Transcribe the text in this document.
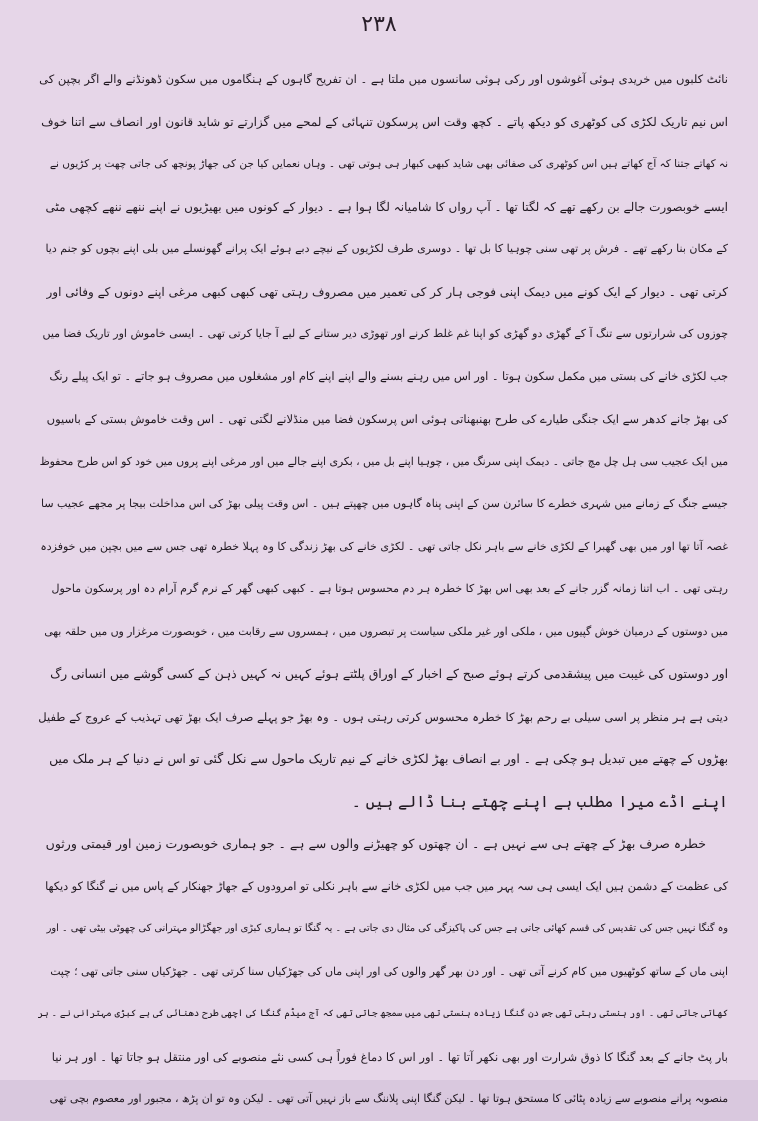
۲۳۸
نائٹ کلبوں میں خریدی ہوئی آغوشوں اور رکی ہوئی سانسوں میں ملتا ہے ۔ ان تفریح گاہوں کے ہنگاموں میں سکون ڈھونڈنے والے اگر بچپن کی
اس نیم تاریک لکڑی کی کوٹھری کو دیکھ پاتے ۔ کچھ وقت اس پرسکون تنہائی کے لمحے میں گزارتے تو شاید قانون اور انصاف سے اتنا خوف
نہ کھاتے جتنا کہ آج کھاتے ہیں اس کوٹھری کی صفائی بھی شاید کبھی کبھار ہی ہوتی تھی ۔ وہاں نعمایں کیا جن کی جھاڑ پونچھ کی جاتی چھت پر کڑیوں نے
ایسے خوبصورت جالے بن رکھے تھے کہ لگتا تھا ۔ آپ رواں کا شامیانہ لگا ہوا ہے ۔ دیوار کے کونوں میں بھیڑیوں نے اپنے ننھے ننھے کچھی مٹی
کے مکان بنا رکھے تھے ۔ فرش پر تھی سنی چوہیا کا بل تھا ۔ دوسری طرف لکڑیوں کے نیچے دبے ہوئے ایک پرانے گھونسلے میں بلی اپنے بچوں کو جنم دیا
کرتی تھی ۔ دیوار کے ایک کونے میں دیمک اپنی فوجی ہار کر کی تعمیر میں مصروف رہتی تھی کبھی کبھی مرغی اپنے دونوں کے وفائی اور
چوزوں کی شرارتوں سے تنگ آ کے گھڑی دو گھڑی کو اپنا غم غلط کرنے اور تھوڑی دیر ستانے کے لیے آ جایا کرتی تھی ۔ ایسی خاموش اور تاریک فضا میں
جب لکڑی خانے کی بستی میں مکمل سکون ہوتا ۔ اور اس میں رہنے بسنے والے اپنے اپنے کام اور مشغلوں میں مصروف ہو جاتے ۔ تو ایک پیلے رنگ
کی بھڑ جانے کدھر سے ایک جنگی طیارے کی طرح بھنبھناتی ہوئی اس پرسکون فضا میں منڈلانے لگتی تھی ۔ اس وقت خاموش بستی کے باسیوں
میں ایک عجیب سی ہل چل مچ جاتی ۔ دیمک اپنی سرنگ میں ، چوہیا اپنے بل میں ، بکری اپنے جالے میں اور مرغی اپنے پروں میں خود کو اس طرح محفوظ
جیسے جنگ کے زمانے میں شہری خطرے کا سائرن سن کے اپنی پناہ گاہوں میں چھپتے ہیں ۔ اس وقت پیلی بھڑ کی اس مداخلت بیجا پر مجھے عجیب سا
غصہ آتا تھا اور میں بھی گھبرا کے لکڑی خانے سے باہر نکل جاتی تھی ۔ لکڑی خانے کی بھڑ زندگی کا وہ پہلا خطرہ تھی جس سے میں بچپن میں خوفزدہ
رہتی تھی ۔ اب اتنا زمانہ گزر جانے کے بعد بھی اس بھڑ کا خطرہ ہر دم محسوس ہوتا ہے ۔ کبھی کبھی گھر کے نرم گرم آرام دہ اور پرسکون ماحول
میں دوستوں کے درمیان خوش گپیوں میں ، ملکی اور غیر ملکی سیاست پر تبصروں میں ، ہمسروں سے رقابت میں ، خوبصورت مرغزار وں میں حلقہ بھی
اور دوستوں کی غیبت میں پیشقدمی کرتے ہوئے صبح کے اخبار کے اوراق پلٹتے ہوئے کہیں نہ کہیں ذہن کے کسی گوشے میں انسانی رگ
دیتی ہے ہر منظر پر اسی سیلی بے رحم بھڑ کا خطرہ محسوس کرتی رہتی ہوں ۔ وہ بھڑ جو پہلے صرف ایک بھڑ تھی تہذیب کے عروج کے طفیل
بھڑوں کے چھتے میں تبدیل ہو چکی ہے ۔ اور بے انصاف بھڑ لکڑی خانے کے نیم تاریک ماحول سے نکل گئی تو اس نے دنیا کے ہر ملک میں
اپنے اڈے میرا مطلب ہے اپنے چھتے بنا ڈالے ہیں ۔
خطرہ صرف بھڑ کے چھتے ہی سے نہیں ہے ۔ ان چھتوں کو چھیڑنے والوں سے ہے ۔ جو ہماری خوبصورت زمین اور قیمتی ورثوں
کی عظمت کے دشمن ہیں ایک ایسی ہی سہ پہر میں جب میں لکڑی خانے سے باہر نکلی تو امرودوں کے جھاڑ جھنکار کے پاس میں نے گنگا کو دیکھا
وہ گنگا نہیں جس کی تقدیس کی قسم کھائی جاتی ہے جس کی پاکیزگی کی مثال دی جاتی ہے ۔ یہ گنگا تو ہماری کبڑی اور جھگڑالو مہترانی کی چھوٹی بیٹی تھی ۔ اور
اپنی ماں کے ساتھ کوٹھیوں میں کام کرنے آتی تھی ۔ اور دن بھر گھر والوں کی اور اپنی ماں کی جھڑکیاں سنا کرتی تھی ۔ جھڑکیاں سنی جاتی تھی ؛ چپت
کھاتی جاتی تھی ۔ اور ہنستی رہتی تھی جس دن گنگا زیادہ ہنستی تھی میں سمجھ جاتی تھی کہ آج میڈم گنگا کی اچھی طرح دھنائی کی ہے کبڑی مہترانی نے ۔ ہر
بار پٹ جانے کے بعد گنگا کا ذوق شرارت اور بھی نکھر آتا تھا ۔ اور اس کا دماغ فوراً ہی کسی نئے منصوبے کی اور منتقل ہو جاتا تھا ۔ اور ہر نیا
منصوبہ پرانے منصوبے سے زیادہ پٹائی کا مستحق ہوتا تھا ۔ لیکن گنگا اپنی پلاننگ سے باز نہیں آتی تھی ۔ لیکن وہ تو ان پڑھ ، مجبور اور معصوم بچی تھی
